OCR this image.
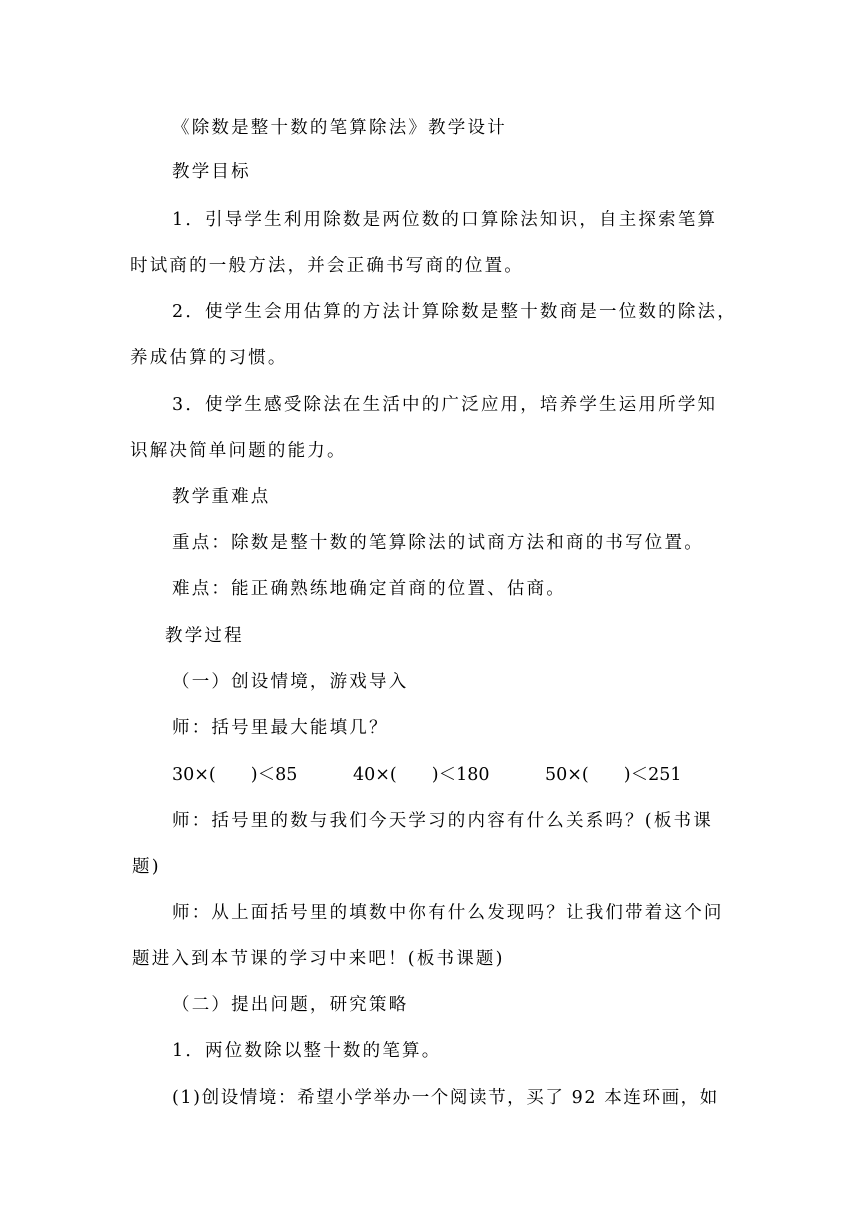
《除数是整十数的笔算除法》教学设计
教学目标
1．引导学生利用除数是两位数的口算除法知识，自主探索笔算
时试商的一般方法，并会正确书写商的位置。
2．使学生会用估算的方法计算除数是整十数商是一位数的除法，
养成估算的习惯。
3．使学生感受除法在生活中的广泛应用，培养学生运用所学知
识解决简单问题的能力。
教学重难点
重点：除数是整十数的笔算除法的试商方法和商的书写位置。
难点：能正确熟练地确定首商的位置、估商。
教学过程
（一）创设情境，游戏导入
师：括号里最大能填几？
30×(　　)＜85	40×(　　)＜180	50×(　　)＜251
师：括号里的数与我们今天学习的内容有什么关系吗？(板书课
题)
师：从上面括号里的填数中你有什么发现吗？让我们带着这个问
题进入到本节课的学习中来吧！(板书课题)
（二）提出问题，研究策略
1．两位数除以整十数的笔算。
(1)创设情境：希望小学举办一个阅读节，买了 92 本连环画，如
